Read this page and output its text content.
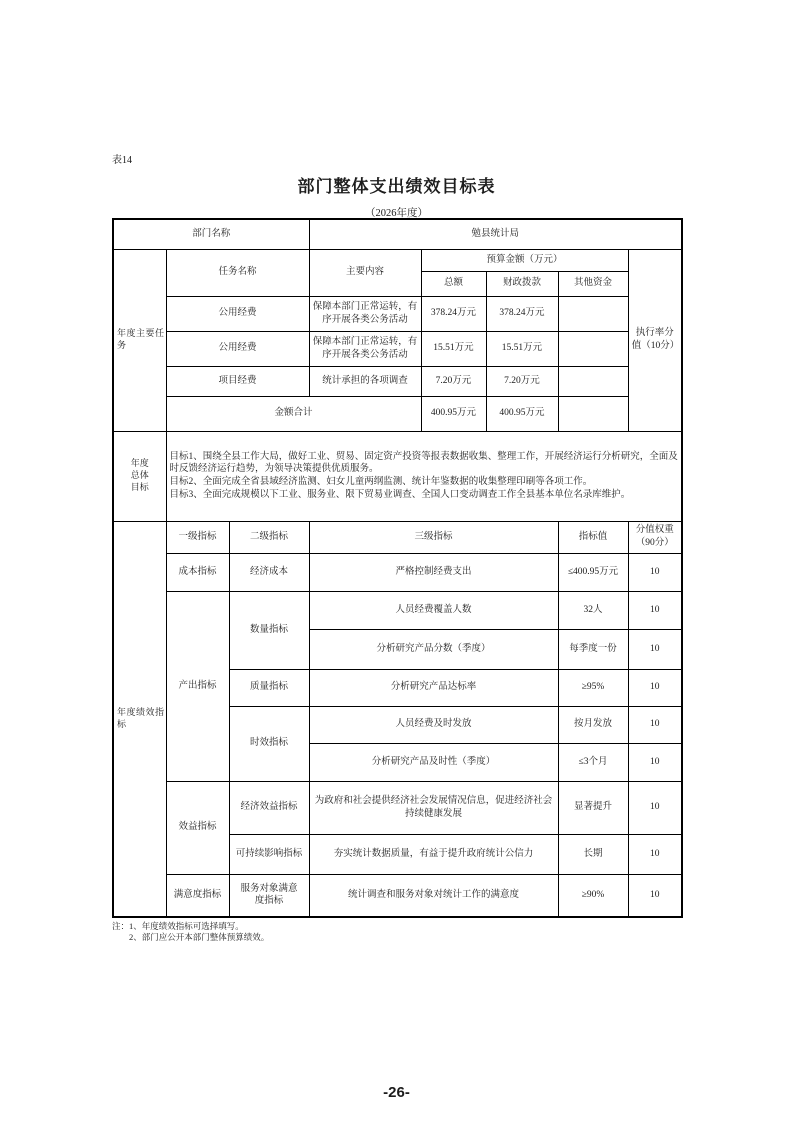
表14
部门整体支出绩效目标表
（2026年度）
部门名称			勉县统计局				

年度主要任务	任务名称		主要内容	预算金额（万元）			执行率分值（10分）
				总额	财政拨款	其他资金	
	公用经费		保障本部门正常运转，有序开展各类公务活动	378.24万元	378.24万元		
	公用经费		保障本部门正常运转，有序开展各类公务活动	15.51万元	15.51万元		
	项目经费		统计承担的各项调查	7.20万元	7.20万元		
	金额合计			400.95万元	400.95万元		

年度总体目标	目标1、围绕全县工作大局，做好工业、贸易、固定资产投资等报表数据收集、整理工作，开展经济运行分析研究，全面及时反馈经济运行趋势，为领导决策提供优质服务。

目标2、全面完成全省县域经济监测、妇女儿童两纲监测、统计年鉴数据的收集整理印刷等各项工作。

目标3、全面完成规模以下工业、服务业、限下贸易业调查、全国人口变动调查工作全县基本单位名录库维护。						

年度绩效指标	一级指标	二级指标	三级指标			指标值	分值权重（90分）
	成本指标	经济成本	严格控制经费支出			≤400.95万元	10
	产出指标	数量指标	人员经费覆盖人数			32人	10
			分析研究产品分数（季度）			每季度一份	10
		质量指标	分析研究产品达标率			≥95%	10
		时效指标	人员经费及时发放			按月发放	10
			分析研究产品及时性（季度）			≤3个月	10
	效益指标	经济效益指标	为政府和社会提供经济社会发展情况信息，促进经济社会持续健康发展			显著提升	10
		可持续影响指标	夯实统计数据质量，有益于提升政府统计公信力			长期	10
	满意度指标	服务对象满意度指标	统计调查和服务对象对统计工作的满意度			≥90%	10
注： 1、年度绩效指标可选择填写。
2、部门应公开本部门整体预算绩效。
-26-
